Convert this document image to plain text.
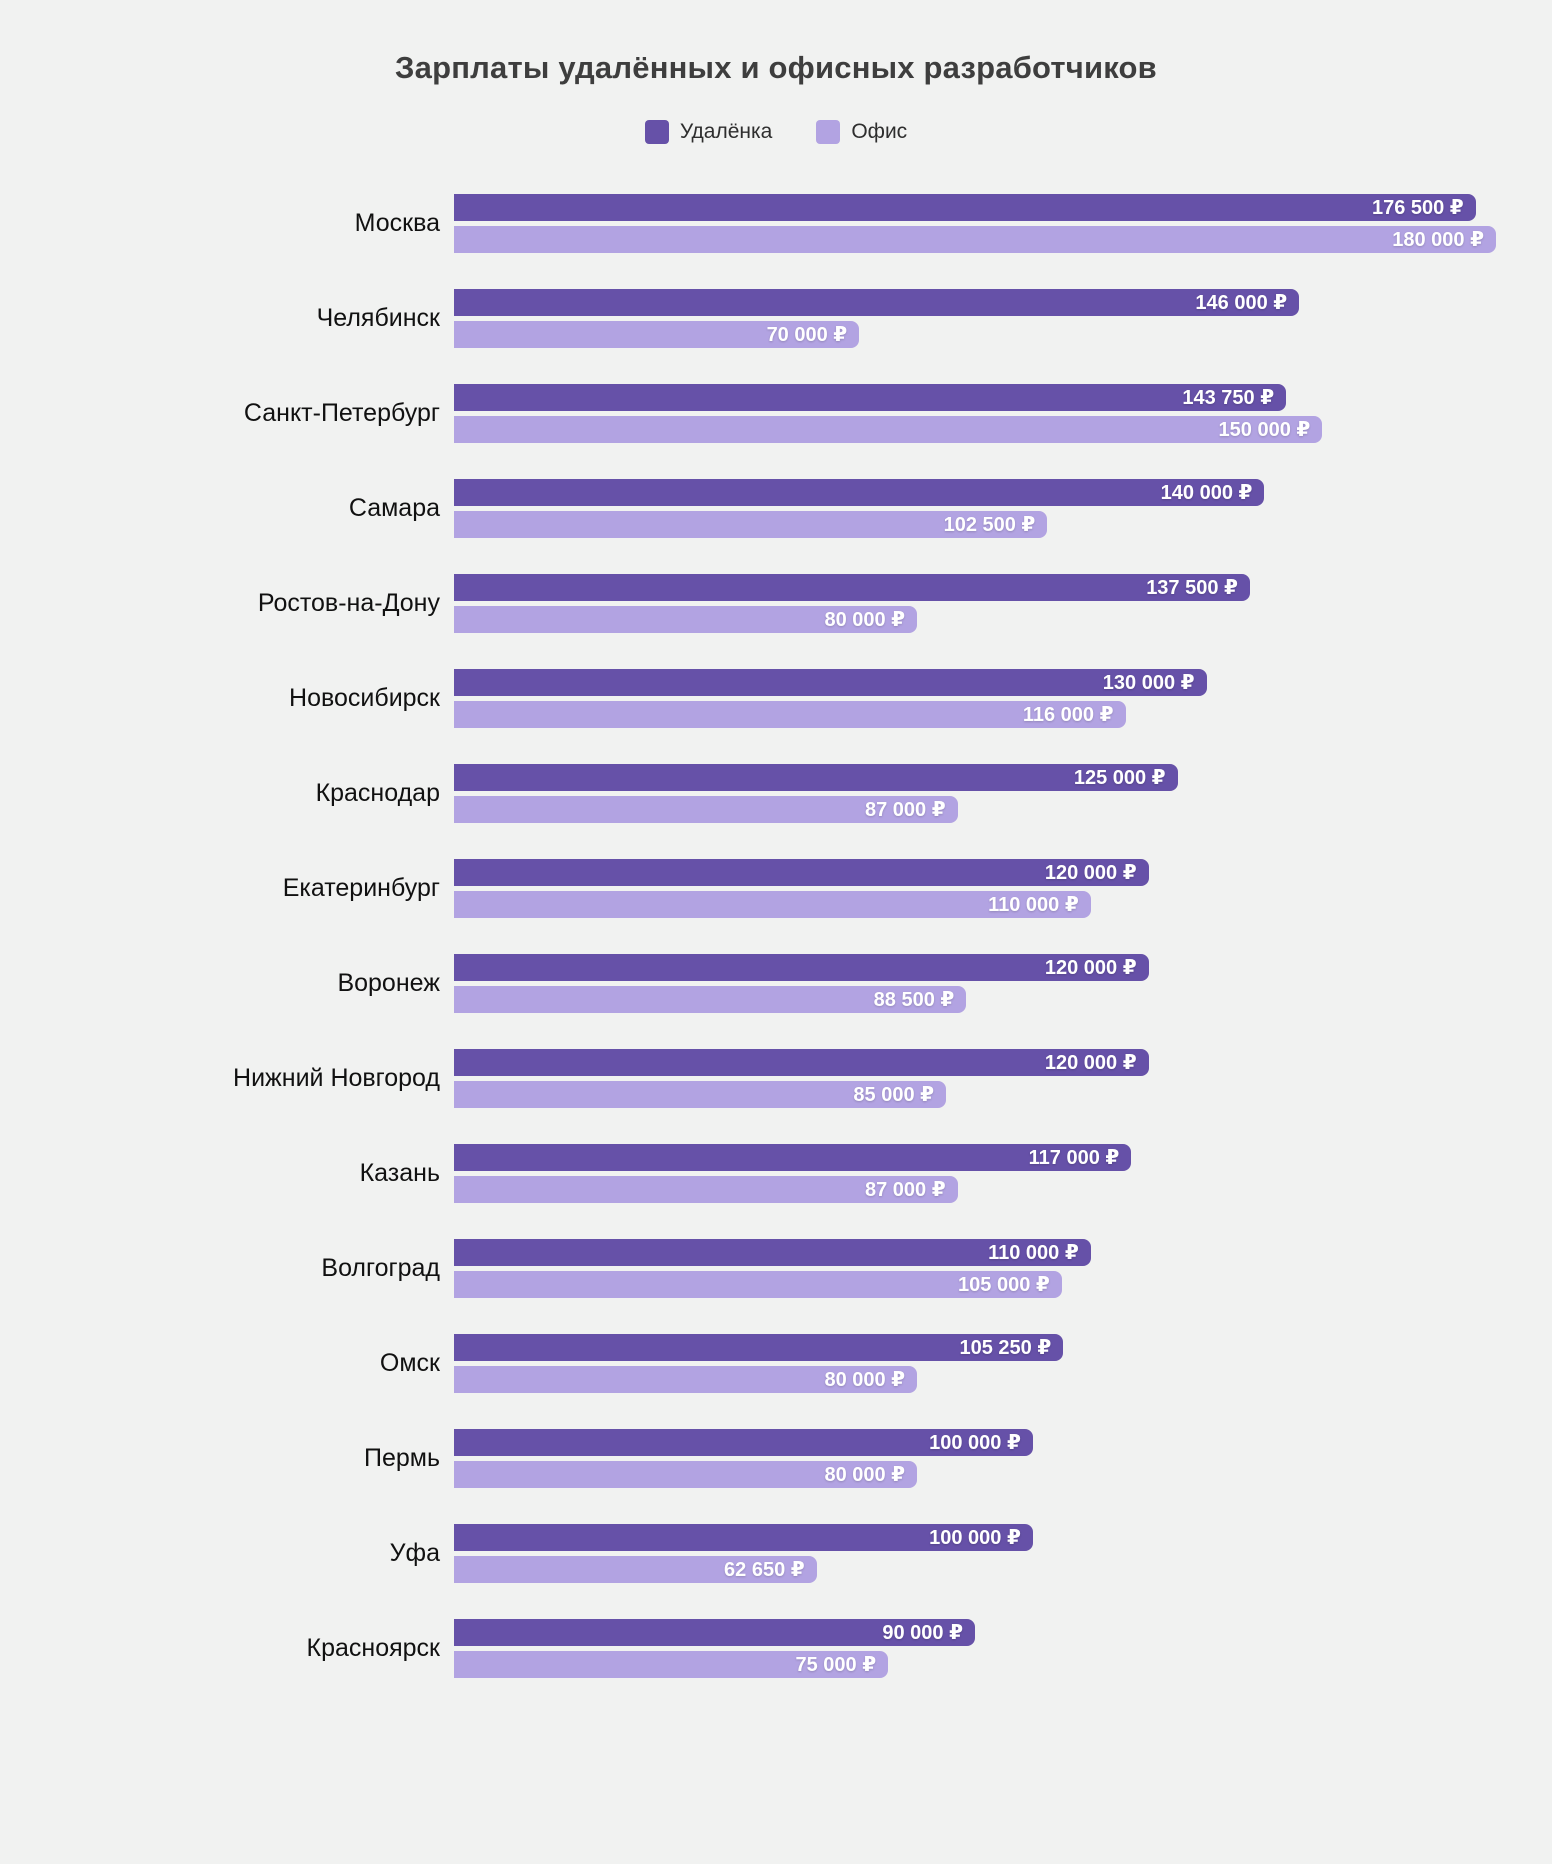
Зарплаты удалённых и офисных разработчиков
Удалёнка	Офис
Москва
176 500 ₽
180 000 ₽
Челябинск
146 000 ₽
70 000 ₽
Санкт-Петербург
143 750 ₽
150 000 ₽
Самара
140 000 ₽
102 500 ₽
Ростов-на-Дону
137 500 ₽
80 000 ₽
Новосибирск
130 000 ₽
116 000 ₽
Краснодар
125 000 ₽
87 000 ₽
Екатеринбург
120 000 ₽
110 000 ₽
Воронеж
120 000 ₽
88 500 ₽
Нижний Новгород
120 000 ₽
85 000 ₽
Казань
117 000 ₽
87 000 ₽
Волгоград
110 000 ₽
105 000 ₽
Омск
105 250 ₽
80 000 ₽
Пермь
100 000 ₽
80 000 ₽
Уфа
100 000 ₽
62 650 ₽
Красноярск
90 000 ₽
75 000 ₽
